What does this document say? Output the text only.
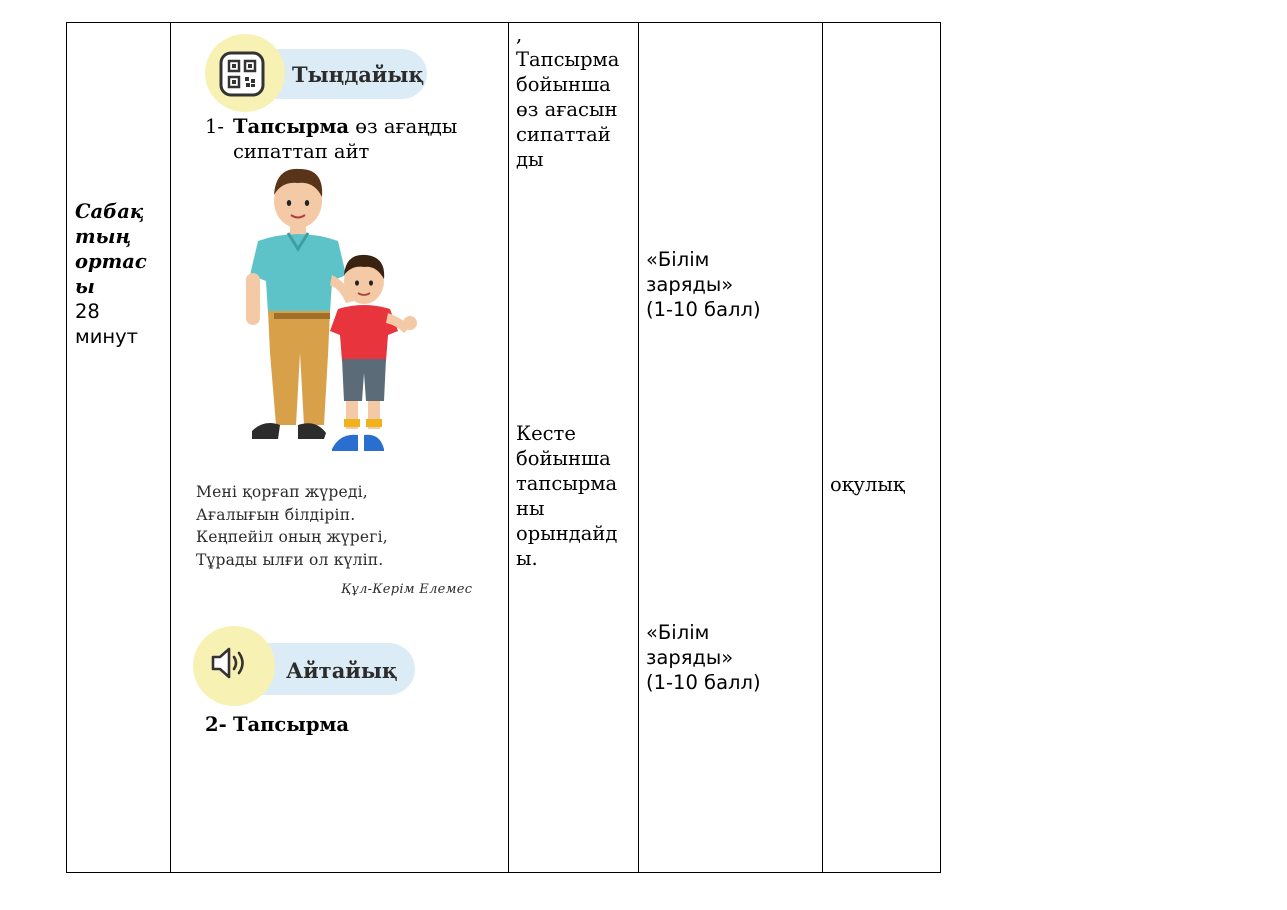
Сабақ
тың
ортас
ы
28
минут
Тыңдайық
1- Тапсырма өз ағаңды
сипаттап айт
Мені қорғап жүреді,
Ағалығын білдіріп.
Кеңпейіл оның жүрегі,
Тұрады ылғи ол күліп.
Құл-Керім Елемес
Айтайық
2- Тапсырма
,
Тапсырма
бойынша
өз ағасын
сипаттай
ды
Кесте
бойынша
тапсырма
ны
орындайд
ы.
«Білім
заряды»
(1-10 балл)
«Білім
заряды»
(1-10 балл)
оқулық
